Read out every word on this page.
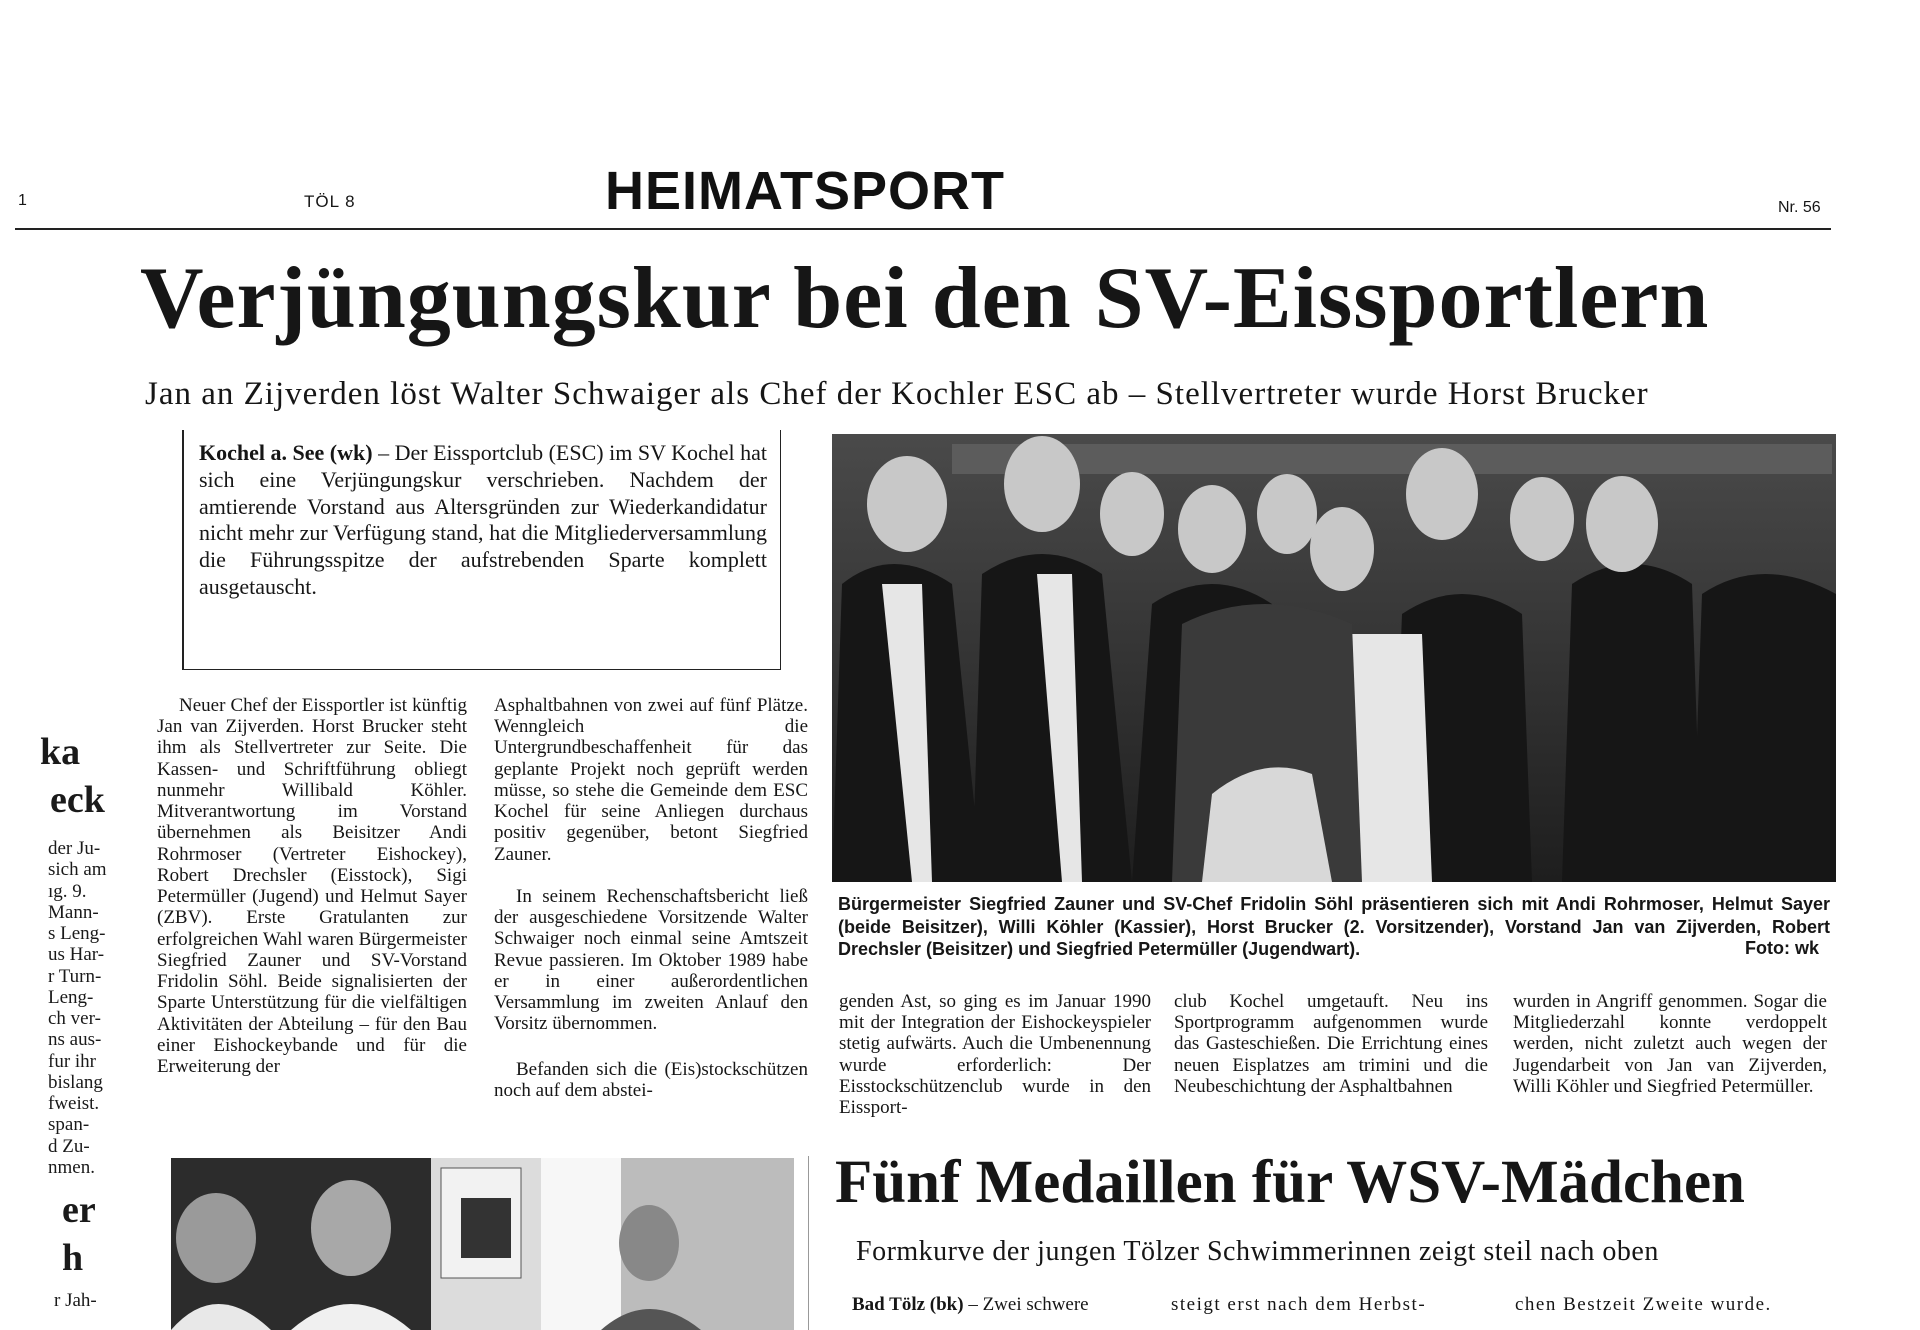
1	TÖL 8	HEIMATSPORT	Nr. 56
Verjüngungskur bei den SV-Eissportlern
Jan an Zijverden löst Walter Schwaiger als Chef der Kochler ESC ab – Stellvertreter wurde Horst Brucker
Kochel a. See (wk) – Der Eissportclub (ESC) im SV Kochel hat sich eine Verjüngungskur verschrieben. Nachdem der amtierende Vorstand aus Altersgründen zur Wiederkandidatur nicht mehr zur Verfügung stand, hat die Mitgliederversammlung die Führungsspitze der aufstrebenden Sparte komplett ausgetauscht.

Neuer Chef der Eissportler ist künftig Jan van Zijverden. Horst Brucker steht ihm als Stellvertreter zur Seite. Die Kassen- und Schriftführung obliegt nunmehr Willibald Köhler. Mitverantwortung im Vorstand übernehmen als Beisitzer Andi Rohrmoser (Vertreter Eishockey), Robert Drechsler (Eisstock), Sigi Petermüller (Jugend) und Helmut Sayer (ZBV). Erste Gratulanten zur erfolgreichen Wahl waren Bürgermeister Siegfried Zauner und SV-Vorstand Fridolin Söhl. Beide signalisierten der Sparte Unterstützung für die vielfältigen Aktivitäten der Abteilung – für den Bau einer Eishockeybande und für die Erweiterung der

Asphaltbahnen von zwei auf fünf Plätze. Wenngleich die Untergrundbeschaffenheit für das geplante Projekt noch geprüft werden müsse, so stehe die Gemeinde dem ESC Kochel für seine Anliegen durchaus positiv gegenüber, betont Siegfried Zauner.

In seinem Rechenschaftsbericht ließ der ausgeschiedene Vorsitzende Walter Schwaiger noch einmal seine Amtszeit Revue passieren. Im Oktober 1989 habe er in einer außerordentlichen Versammlung im zweiten Anlauf den Vorsitz übernommen.

Befanden sich die (Eis)stockschützen noch auf dem abstei-

genden Ast, so ging es im Januar 1990 mit der Integration der Eishockeyspieler stetig aufwärts. Auch die Umbenennung wurde erforderlich: Der Eisstockschützenclub wurde in den Eissport-

club Kochel umgetauft. Neu ins Sportprogramm aufgenommen wurde das Gasteschießen. Die Errichtung eines neuen Eisplatzes am trimini und die Neubeschichtung der Asphaltbahnen

wurden in Angriff genommen. Sogar die Mitgliederzahl konnte verdoppelt werden, nicht zuletzt auch wegen der Jugendarbeit von Jan van Zijverden, Willi Köhler und Siegfried Petermüller.

Bürgermeister Siegfried Zauner und SV-Chef Fridolin Söhl präsentieren sich mit Andi Rohrmoser, Helmut Sayer (beide Beisitzer), Willi Köhler (Kassier), Horst Brucker (2. Vorsitzender), Vorstand Jan van Zijverden, Robert Drechsler (Beisitzer) und Siegfried Petermüller (Jugendwart).	Foto: wk
ka
eck
der Ju-
sich am
ıg. 9.
Mann-
s Leng-
us Har-
r Turn-
Leng-
ch ver-
ns aus-
fur ihr
bislang
fweist.
span-
d Zu-
nmen.
er
h
r Jah-
Fünf Medaillen für WSV-Mädchen
Formkurve der jungen Tölzer Schwimmerinnen zeigt steil nach oben
Bad Tölz (bk) – Zwei schwere	steigt erst nach dem Herbst-	chen Bestzeit Zweite wurde.
